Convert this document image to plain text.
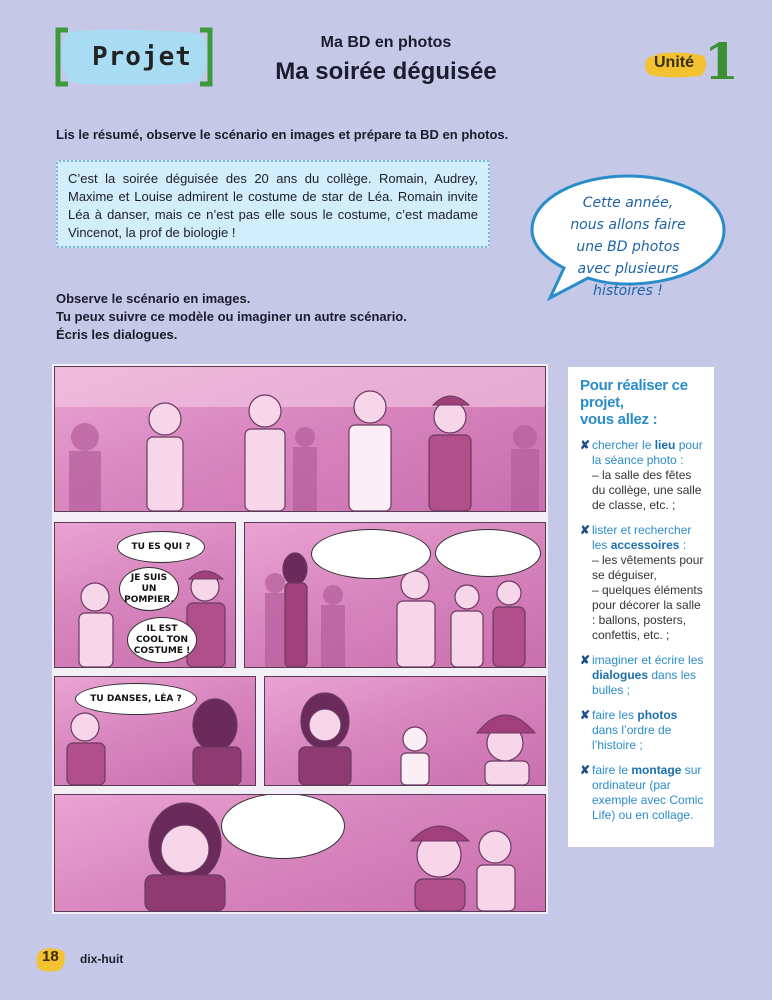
Projet	Ma BD en photos
Ma soirée déguisée	Unité 1
Lis le résumé, observe le scénario en images et prépare ta BD en photos.
C’est la soirée déguisée des 20 ans du collège. Romain, Audrey, Maxime et Louise admirent le costume de star de Léa. Romain invite Léa à danser, mais ce n’est pas elle sous le costume, c’est madame Vincenot, la prof de biologie !
Cette année,
nous allons faire
une BD photos
avec plusieurs
histoires !
Observe le scénario en images.
Tu peux suivre ce modèle ou imaginer un autre scénario.
Écris les dialogues.
TU ES QUI ?
JE SUIS
UN
POMPIER.
IL EST
COOL TON
COSTUME !
TU DANSES, LÉA ?
Pour réaliser ce projet,
vous allez :
✘ chercher le lieu pour la séance photo :
– la salle des fêtes du collège, une salle de classe, etc. ;
✘ lister et rechercher les accessoires :
– les vêtements pour se déguiser,
– quelques éléments pour décorer la salle : ballons, posters, confettis, etc. ;
✘ imaginer et écrire les dialogues dans les bulles ;
✘ faire les photos dans l’ordre de l’histoire ;
✘ faire le montage sur ordinateur (par exemple avec Comic Life) ou en collage.
18 dix-huit
